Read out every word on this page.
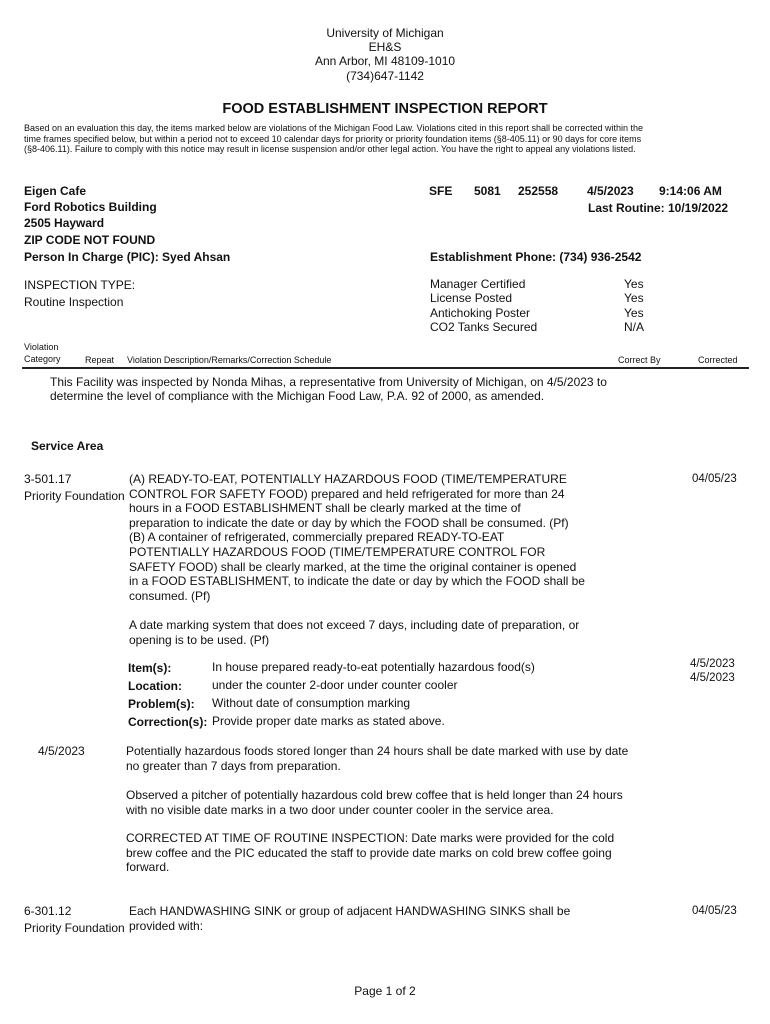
University of Michigan
EH&S
Ann Arbor, MI 48109-1010
(734)647-1142
FOOD ESTABLISHMENT INSPECTION REPORT
Based on an evaluation this day, the items marked below are violations of the Michigan Food Law. Violations cited in this report shall be corrected within the
time frames specified below, but within a period not to exceed 10 calendar days for priority or priority foundation items (§8-405.11) or 90 days for core items
(§8-406.11). Failure to comply with this notice may result in license suspension and/or other legal action. You have the right to appeal any violations listed.
Eigen Cafe
Ford Robotics Building
2505 Hayward
ZIP CODE NOT FOUND
Person In Charge (PIC): Syed Ahsan
SFE 5081 252558 4/5/2023 9:14:06 AM
Last Routine: 10/19/2022
Establishment Phone: (734) 936-2542
INSPECTION TYPE:
Routine Inspection
Manager Certified	Yes
License Posted	Yes
Antichoking Poster	Yes
CO2 Tanks Secured	N/A
Violation
Category	Repeat Violation Description/Remarks/Correction Schedule	Correct By	Corrected
This Facility was inspected by Nonda Mihas, a representative from University of Michigan, on 4/5/2023 to
determine the level of compliance with the Michigan Food Law, P.A. 92 of 2000, as amended.
Service Area
3-501.17
Priority Foundation
04/05/23
(A) READY-TO-EAT, POTENTIALLY HAZARDOUS FOOD (TIME/TEMPERATURE
CONTROL FOR SAFETY FOOD) prepared and held refrigerated for more than 24
hours in a FOOD ESTABLISHMENT shall be clearly marked at the time of
preparation to indicate the date or day by which the FOOD shall be consumed. (Pf)
(B) A container of refrigerated, commercially prepared READY-TO-EAT
POTENTIALLY HAZARDOUS FOOD (TIME/TEMPERATURE CONTROL FOR
SAFETY FOOD) shall be clearly marked, at the time the original container is opened
in a FOOD ESTABLISHMENT, to indicate the date or day by which the FOOD shall be
consumed. (Pf)
A date marking system that does not exceed 7 days, including date of preparation, or
opening is to be used. (Pf)
Item(s):	In house prepared ready-to-eat potentially hazardous food(s)
Location:	under the counter 2-door under counter cooler
Problem(s): Without date of consumption marking
Correction(s): Provide proper date marks as stated above.
4/5/2023
4/5/2023
4/5/2023	Potentially hazardous foods stored longer than 24 hours shall be date marked with use by date
no greater than 7 days from preparation.
Observed a pitcher of potentially hazardous cold brew coffee that is held longer than 24 hours
with no visible date marks in a two door under counter cooler in the service area.
CORRECTED AT TIME OF ROUTINE INSPECTION: Date marks were provided for the cold
brew coffee and the PIC educated the staff to provide date marks on cold brew coffee going
forward.
6-301.12
Priority Foundation
04/05/23
Each HANDWASHING SINK or group of adjacent HANDWASHING SINKS shall be
provided with:
Page 1 of 2
